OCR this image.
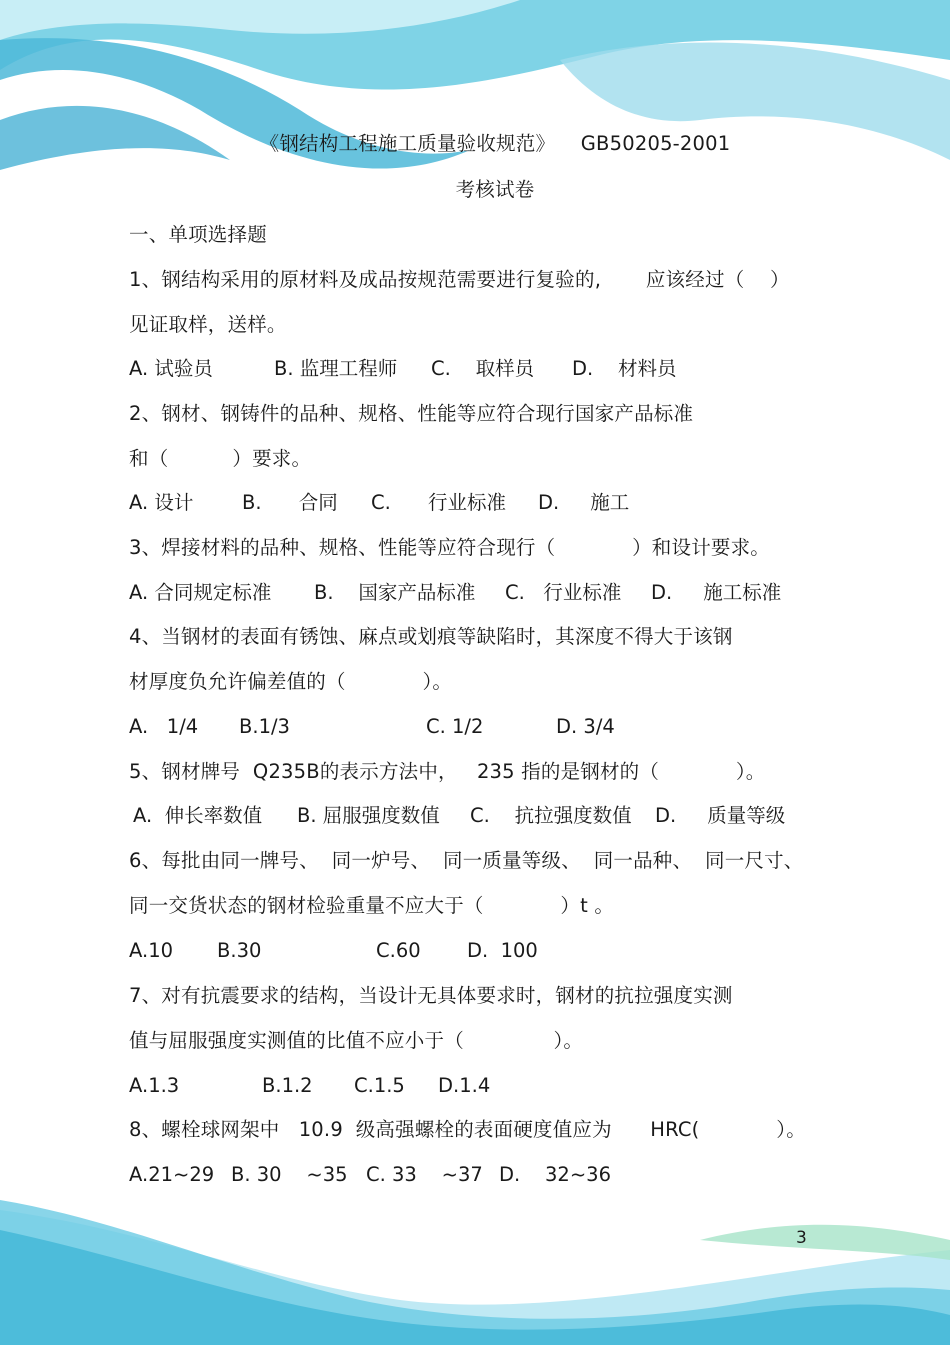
《钢结构工程施工质量验收规范》    GB50205-2001
考核试卷
一、单项选择题
1、钢结构采用的原材料及成品按规范需要进行复验的,       应该经过（    ）
见证取样，送样。
A. 试验员	B. 监理工程师 C.    取样员 D.    材料员
2、钢材、钢铸件的品种、规格、性能等应符合现行国家产品标准
和（          ）要求。
A. 设计 B.      合同 C.      行业标准 D.     施工
3、焊接材料的品种、规格、性能等应符合现行（            ）和设计要求。
A. 合同规定标准 B.    国家产品标准 C.   行业标准 D.     施工标准
4、当钢材的表面有锈蚀、麻点或划痕等缺陷时，其深度不得大于该钢
材厚度负允许偏差值的（            ）。
A.   1/4 B.1/3	C. 1/2	D. 3/4
5、钢材牌号  Q235B的表示方法中，   235 指的是钢材的（            ）。
A.  伸长率数值 B. 屈服强度数值 C.    抗拉强度数值 D.     质量等级
6、每批由同一牌号、  同一炉号、  同一质量等级、  同一品种、  同一尺寸、
同一交货状态的钢材检验重量不应大于（            ）t 。
A.10 B.30	C.60 D.  100
7、对有抗震要求的结构，当设计无具体要求时，钢材的抗拉强度实测
值与屈服强度实测值的比值不应小于（              ）。
A.1.3	B.1.2 C.1.5 D.1.4
8、螺栓球网架中   10.9  级高强螺栓的表面硬度值应为      HRC(            ）。
A.21~29 B. 30    ~35 C. 33    ~37 D.    32~36
3
